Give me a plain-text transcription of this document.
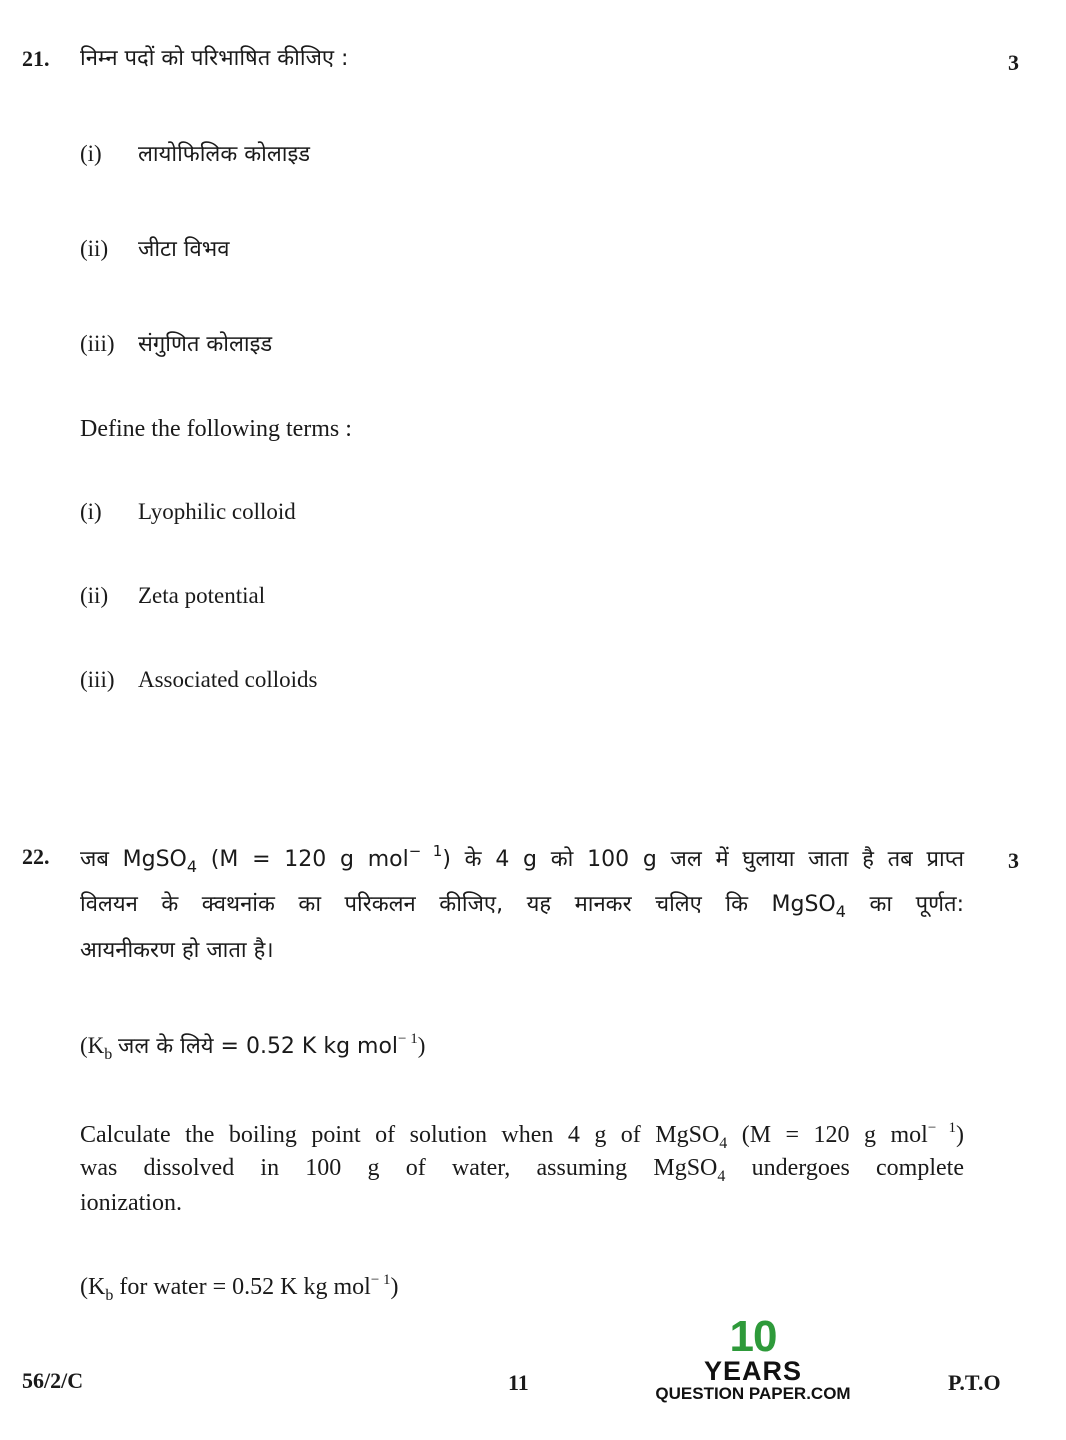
21. निम्न पदों को परिभाषित कीजिए :	3
(i) लायोफिलिक कोलाइड
(ii) जीटा विभव
(iii) संगुणित कोलाइड
Define the following terms :
(i) Lyophilic colloid
(ii) Zeta potential
(iii) Associated colloids
22.	3
जब MgSO$_4$ (M = 120 g mol$^{- 1}$) के 4 g को 100 g जल में घुलाया जाता है तब प्राप्त
विलयन के क्वथनांक का परिकलन कीजिए, यह मानकर चलिए कि MgSO$_4$ का पूर्णत:
आयनीकरण हो जाता है।
($K_b$ जल के लिये = 0.52 K kg mol$^{- 1}$)
Calculate the boiling point of solution when 4 g of MgSO$_4$ (M = 120 g mol$^{- 1}$)
was dissolved in 100 g of water, assuming MgSO$_4$ undergoes complete
ionization.
($K_b$ for water = 0.52 K kg mol$^{- 1}$)
56/2/C	11	P.T.O
10
YEARS
QUESTION PAPER.COM
